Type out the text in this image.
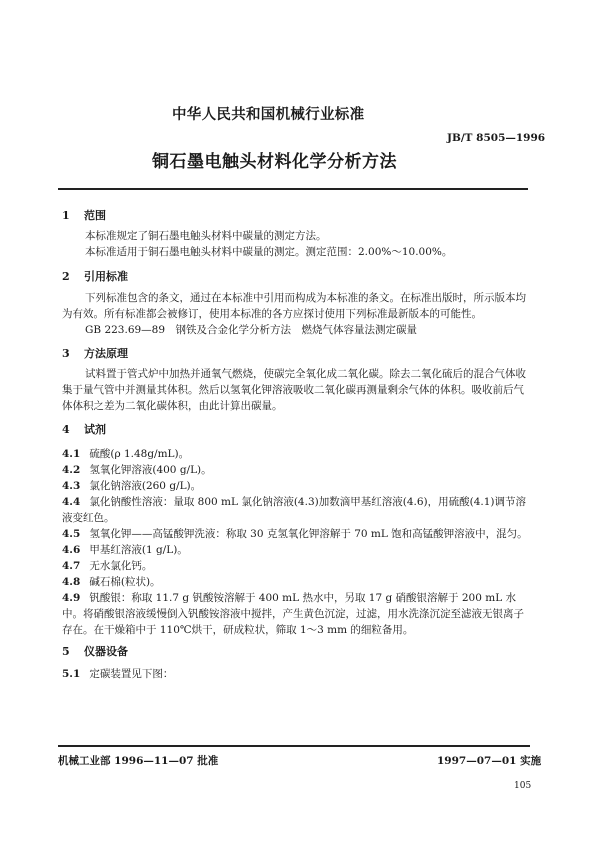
中华人民共和国机械行业标准
JB/T 8505—1996
铜石墨电触头材料化学分析方法
1 范围
本标准规定了铜石墨电触头材料中碳量的测定方法。
本标准适用于铜石墨电触头材料中碳量的测定。测定范围：2.00%～10.00%。
2 引用标准
下列标准包含的条文，通过在本标准中引用而构成为本标准的条文。在标准出版时，所示版本均为有效。所有标准都会被修订，使用本标准的各方应探讨使用下列标准最新版本的可能性。
GB 223.69—89　钢铁及合金化学分析方法　燃烧气体容量法测定碳量
3 方法原理
试料置于管式炉中加热并通氧气燃烧，使碳完全氧化成二氧化碳。除去二氧化硫后的混合气体收集于量气管中并测量其体积。然后以氢氧化钾溶液吸收二氧化碳再测量剩余气体的体积。吸收前后气体体积之差为二氧化碳体积，由此计算出碳量。
4 试剂
4.1 硫酸(ρ 1.48g/mL)。
4.2 氢氧化钾溶液(400 g/L)。
4.3 氯化钠溶液(260 g/L)。
4.4 氯化钠酸性溶液：量取 800 mL 氯化钠溶液(4.3)加数滴甲基红溶液(4.6)，用硫酸(4.1)调节溶液变红色。
4.5 氢氧化钾——高锰酸钾洗液：称取 30 克氢氧化钾溶解于 70 mL 饱和高锰酸钾溶液中，混匀。
4.6 甲基红溶液(1 g/L)。
4.7 无水氯化钙。
4.8 碱石棉(粒状)。
4.9 钒酸银：称取 11.7 g 钒酸铵溶解于 400 mL 热水中，另取 17 g 硝酸银溶解于 200 mL 水中。将硝酸银溶液缓慢倒入钒酸铵溶液中搅拌，产生黄色沉淀，过滤，用水洗涤沉淀至滤液无银离子存在。在干燥箱中于 110℃烘干，研成粒状，筛取 1～3 mm 的细粒备用。
5 仪器设备
5.1 定碳装置见下图：
机械工业部 1996—11—07 批准	1997—07—01 实施
105
